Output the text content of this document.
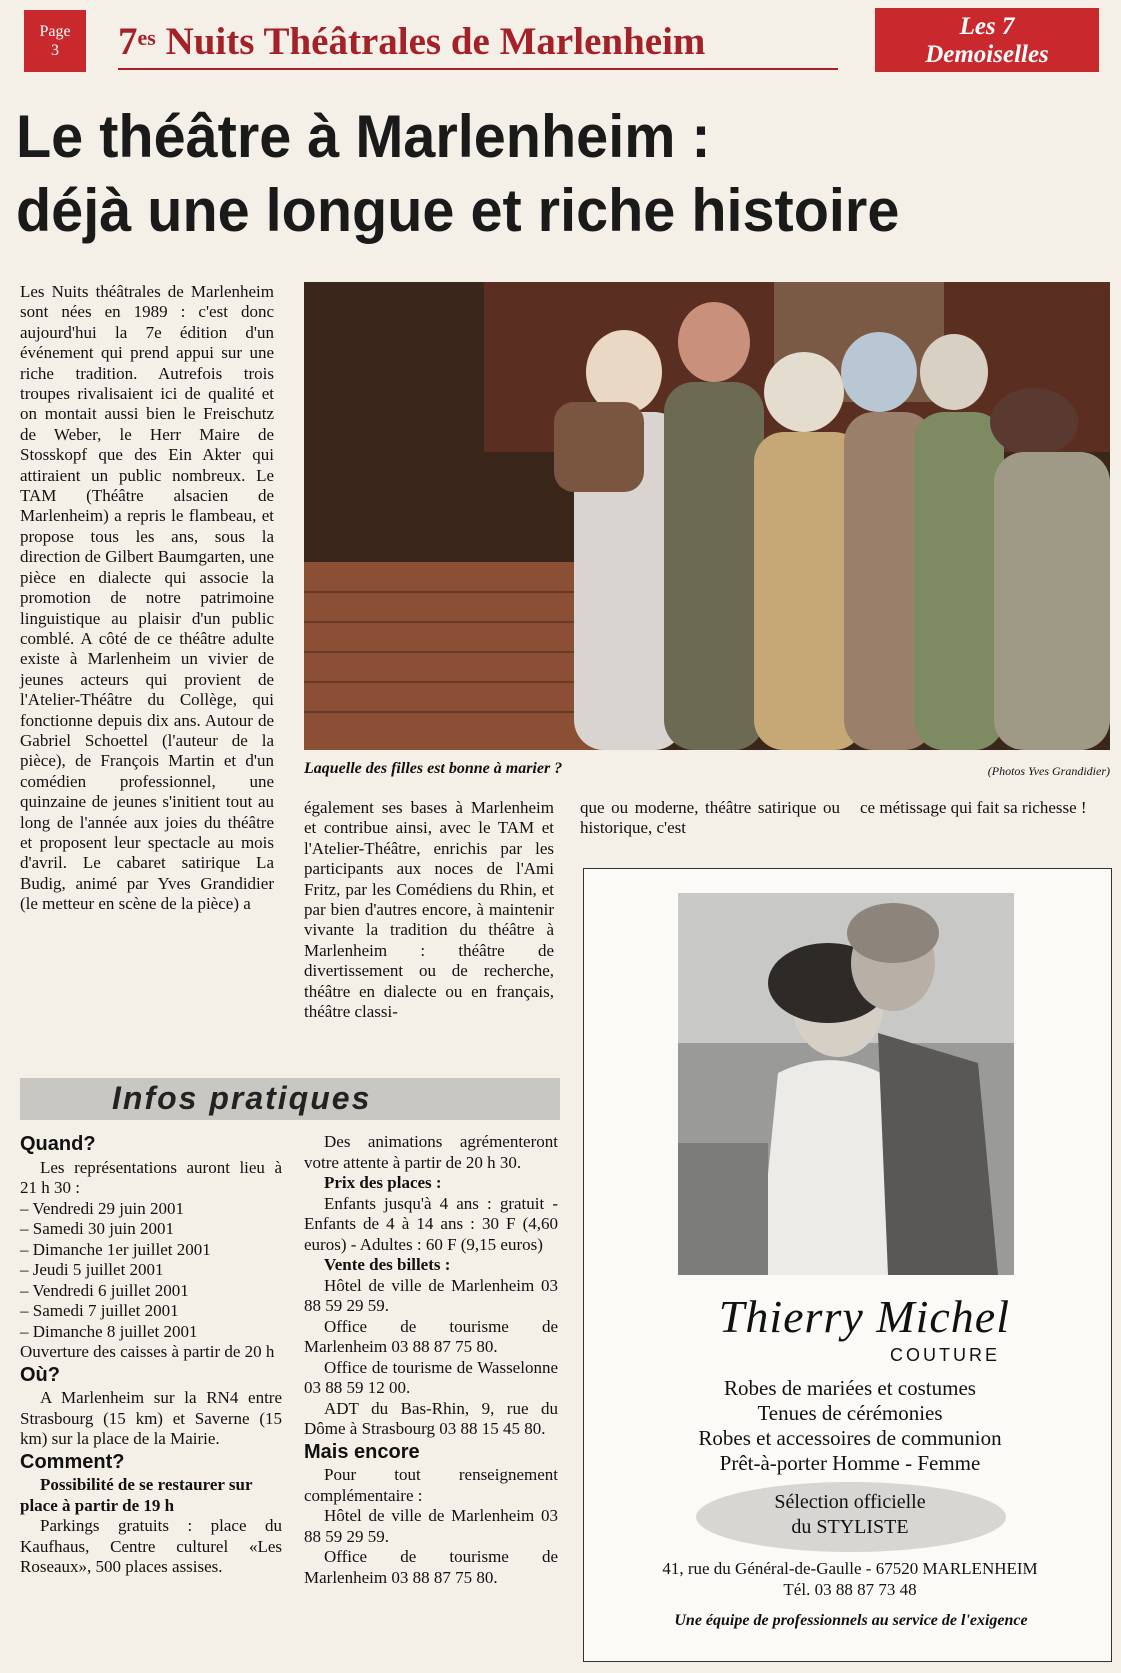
Page
3	$7^{es}$ Nuits Théâtrales de Marlenheim	Les 7
Demoiselles
Le théâtre à Marlenheim :
déjà une longue et riche histoire
Laquelle des filles est bonne à marier ?	(Photos Yves Grandidier)

Les Nuits théâtrales de Marlenheim sont nées en 1989 : c'est donc aujourd'hui la 7e édition d'un événement qui prend appui sur une riche tradition. Autrefois trois troupes rivalisaient ici de qualité et on montait aussi bien le Freischutz de Weber, le Herr Maire de Stosskopf que des Ein Akter qui attiraient un public nombreux. Le TAM (Théâtre alsacien de Marlenheim) a repris le flambeau, et propose tous les ans, sous la direction de Gilbert Baumgarten, une pièce en dialecte qui associe la promotion de notre patrimoine linguistique au plaisir d'un public comblé. A côté de ce théâtre adulte existe à Marlenheim un vivier de jeunes acteurs qui provient de l'Atelier-Théâtre du Collège, qui fonctionne depuis dix ans. Autour de Gabriel Schoettel (l'auteur de la pièce), de François Martin et d'un comédien professionnel, une quinzaine de jeunes s'initient tout au long de l'année aux joies du théâtre et proposent leur spectacle au mois d'avril. Le cabaret satirique La Budig, animé par Yves Grandidier (le metteur en scène de la pièce) a

également ses bases à Marlenheim et contribue ainsi, avec le TAM et l'Atelier-Théâtre, enrichis par les participants aux noces de l'Ami Fritz, par les Comédiens du Rhin, et par bien d'autres encore, à maintenir vivante la tradition du théâtre à Marlenheim : théâtre de divertissement ou de recherche, théâtre en dialecte ou en français, théâtre classi-

que ou moderne, théâtre satirique ou historique, c'est

ce métissage qui fait sa richesse !

Infos pratiques
Quand?

Les représentations auront lieu à 21 h 30 :

– Vendredi 29 juin 2001

– Samedi 30 juin 2001

– Dimanche 1er juillet 2001

– Jeudi 5 juillet 2001

– Vendredi 6 juillet 2001

– Samedi 7 juillet 2001

– Dimanche 8 juillet 2001

Ouverture des caisses à partir de 20 h

Où?

A Marlenheim sur la RN4 entre Strasbourg (15 km) et Saverne (15 km) sur la place de la Mairie.

Comment?

Possibilité de se restaurer sur place à partir de 19 h

Parkings gratuits : place du Kaufhaus, Centre culturel «Les Roseaux», 500 places assises.

Des animations agrémenteront votre attente à partir de 20 h 30.

Prix des places :

Enfants jusqu'à 4 ans : gratuit - Enfants de 4 à 14 ans : 30 F (4,60 euros) - Adultes : 60 F (9,15 euros)

Vente des billets :

Hôtel de ville de Marlenheim 03 88 59 29 59.

Office de tourisme de Marlenheim 03 88 87 75 80.

Office de tourisme de Wasselonne 03 88 59 12 00.

ADT du Bas-Rhin, 9, rue du Dôme à Strasbourg 03 88 15 45 80.

Mais encore

Pour tout renseignement complémentaire :

Hôtel de ville de Marlenheim 03 88 59 29 59.

Office de tourisme de Marlenheim 03 88 87 75 80.

Thierry Michel
COUTURE
Robes de mariées et costumes
Tenues de cérémonies
Robes et accessoires de communion
Prêt-à-porter Homme - Femme
Sélection officielle
du STYLISTE
41, rue du Général-de-Gaulle - 67520 MARLENHEIM
Tél. 03 88 87 73 48
Une équipe de professionnels au service de l'exigence
